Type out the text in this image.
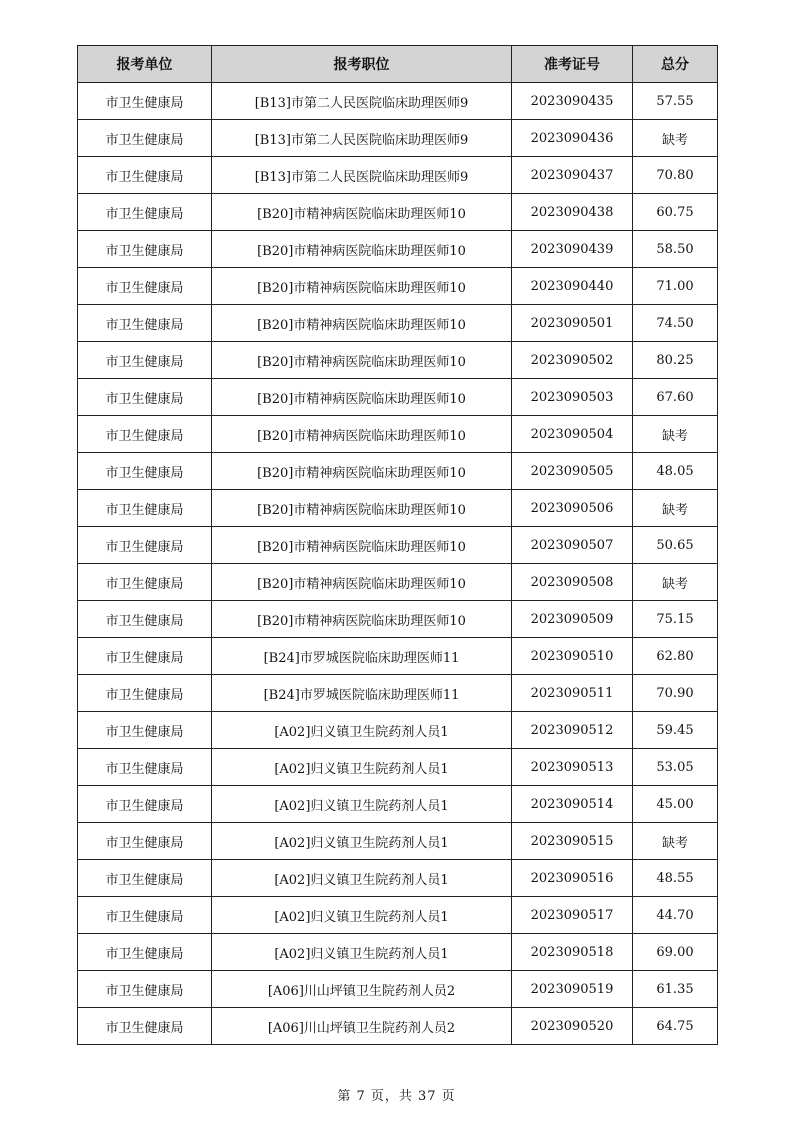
报考单位	报考职位	准考证号	总分
市卫生健康局	[B13]市第二人民医院临床助理医师9	2023090435	57.55
市卫生健康局	[B13]市第二人民医院临床助理医师9	2023090436	缺考
市卫生健康局	[B13]市第二人民医院临床助理医师9	2023090437	70.80
市卫生健康局	[B20]市精神病医院临床助理医师10	2023090438	60.75
市卫生健康局	[B20]市精神病医院临床助理医师10	2023090439	58.50
市卫生健康局	[B20]市精神病医院临床助理医师10	2023090440	71.00
市卫生健康局	[B20]市精神病医院临床助理医师10	2023090501	74.50
市卫生健康局	[B20]市精神病医院临床助理医师10	2023090502	80.25
市卫生健康局	[B20]市精神病医院临床助理医师10	2023090503	67.60
市卫生健康局	[B20]市精神病医院临床助理医师10	2023090504	缺考
市卫生健康局	[B20]市精神病医院临床助理医师10	2023090505	48.05
市卫生健康局	[B20]市精神病医院临床助理医师10	2023090506	缺考
市卫生健康局	[B20]市精神病医院临床助理医师10	2023090507	50.65
市卫生健康局	[B20]市精神病医院临床助理医师10	2023090508	缺考
市卫生健康局	[B20]市精神病医院临床助理医师10	2023090509	75.15
市卫生健康局	[B24]市罗城医院临床助理医师11	2023090510	62.80
市卫生健康局	[B24]市罗城医院临床助理医师11	2023090511	70.90
市卫生健康局	[A02]归义镇卫生院药剂人员1	2023090512	59.45
市卫生健康局	[A02]归义镇卫生院药剂人员1	2023090513	53.05
市卫生健康局	[A02]归义镇卫生院药剂人员1	2023090514	45.00
市卫生健康局	[A02]归义镇卫生院药剂人员1	2023090515	缺考
市卫生健康局	[A02]归义镇卫生院药剂人员1	2023090516	48.55
市卫生健康局	[A02]归义镇卫生院药剂人员1	2023090517	44.70
市卫生健康局	[A02]归义镇卫生院药剂人员1	2023090518	69.00
市卫生健康局	[A06]川山坪镇卫生院药剂人员2	2023090519	61.35
市卫生健康局	[A06]川山坪镇卫生院药剂人员2	2023090520	64.75
第 7 页，共 37 页
